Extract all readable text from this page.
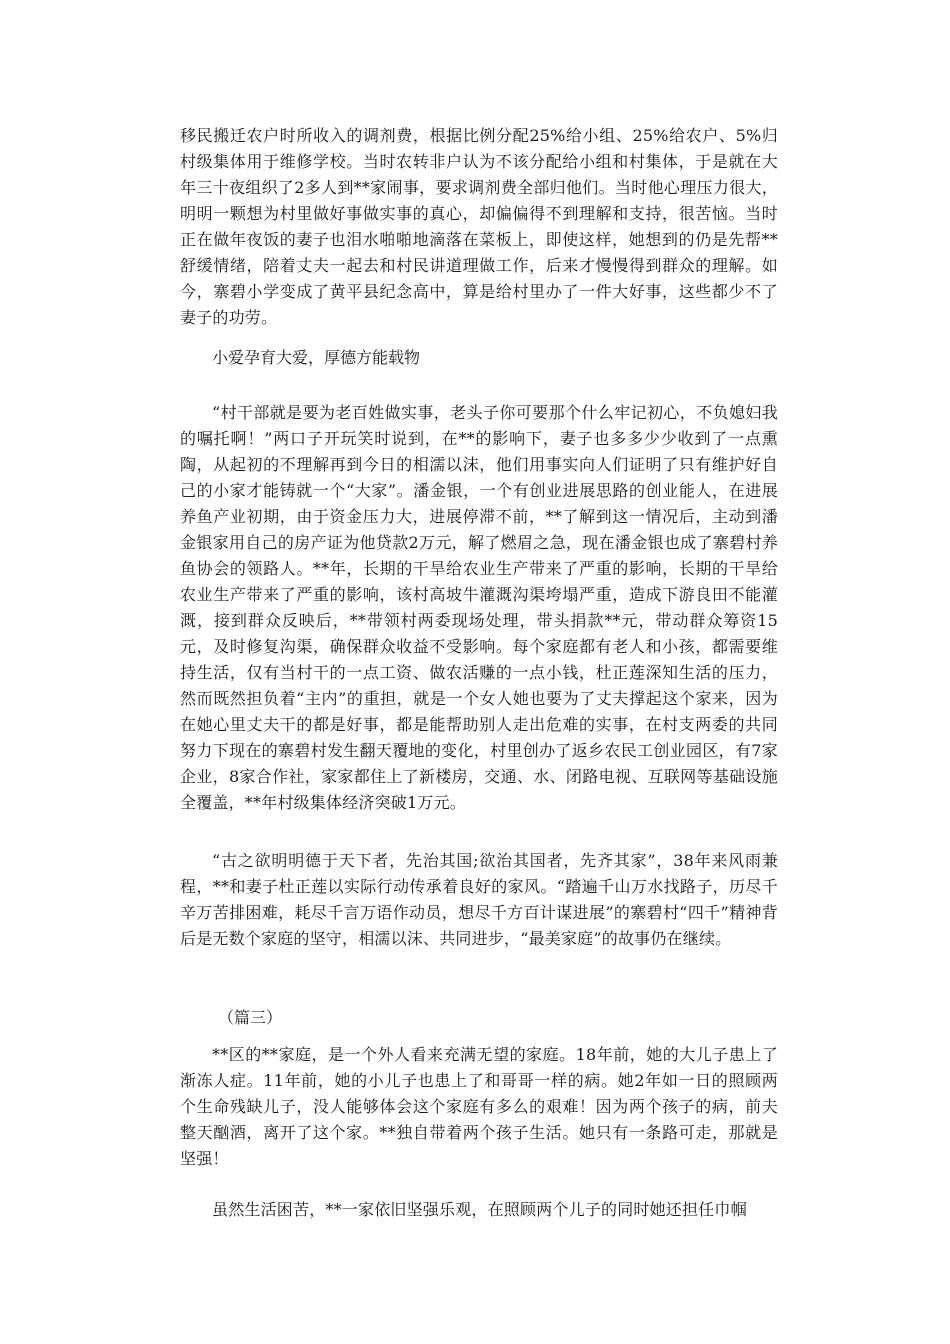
移民搬迁农户时所收入的调剂费，根据比例分配25%给小组、25%给农户、5%归村级集体用于维修学校。当时农转非户认为不该分配给小组和村集体，于是就在大年三十夜组织了2多人到**家闹事，要求调剂费全部归他们。当时他心理压力很大，明明一颗想为村里做好事做实事的真心，却偏偏得不到理解和支持，很苦恼。当时正在做年夜饭的妻子也泪水啪啪地滴落在菜板上，即使这样，她想到的仍是先帮**舒缓情绪，陪着丈夫一起去和村民讲道理做工作，后来才慢慢得到群众的理解。如今，寨碧小学变成了黄平县纪念高中，算是给村里办了一件大好事，这些都少不了妻子的功劳。

小爱孕育大爱，厚德方能载物

“村干部就是要为老百姓做实事，老头子你可要那个什么牢记初心，不负媳妇我的嘱托啊！”两口子开玩笑时说到，在**的影响下，妻子也多多少少收到了一点熏陶，从起初的不理解再到今日的相濡以沫，他们用事实向人们证明了只有维护好自己的小家才能铸就一个“大家”。潘金银，一个有创业进展思路的创业能人，在进展养鱼产业初期，由于资金压力大，进展停滞不前，**了解到这一情况后，主动到潘金银家用自己的房产证为他贷款2万元，解了燃眉之急，现在潘金银也成了寨碧村养鱼协会的领路人。**年，长期的干旱给农业生产带来了严重的影响，长期的干旱给农业生产带来了严重的影响，该村高坡牛灌溉沟渠垮塌严重，造成下游良田不能灌溉，接到群众反映后，**带领村两委现场处理，带头捐款**元，带动群众筹资15元，及时修复沟渠，确保群众收益不受影响。每个家庭都有老人和小孩，都需要维持生活，仅有当村干的一点工资、做农活赚的一点小钱，杜正莲深知生活的压力，然而既然担负着“主内”的重担，就是一个女人她也要为了丈夫撑起这个家来，因为在她心里丈夫干的都是好事，都是能帮助别人走出危难的实事，在村支两委的共同努力下现在的寨碧村发生翻天覆地的变化，村里创办了返乡农民工创业园区，有7家企业，8家合作社，家家都住上了新楼房，交通、水、闭路电视、互联网等基础设施全覆盖，**年村级集体经济突破1万元。

“古之欲明明德于天下者，先治其国;欲治其国者，先齐其家”，38年来风雨兼程，**和妻子杜正莲以实际行动传承着良好的家风。“踏遍千山万水找路子，历尽千辛万苦排困难，耗尽千言万语作动员，想尽千方百计谋进展”的寨碧村“四千”精神背后是无数个家庭的坚守，相濡以沫、共同进步，“最美家庭”的故事仍在继续。

（篇三）

**区的**家庭，是一个外人看来充满无望的家庭。18年前，她的大儿子患上了渐冻人症。11年前，她的小儿子也患上了和哥哥一样的病。她2年如一日的照顾两个生命残缺儿子，没人能够体会这个家庭有多么的艰难！因为两个孩子的病，前夫整天酗酒，离开了这个家。**独自带着两个孩子生活。她只有一条路可走，那就是坚强！

虽然生活困苦，**一家依旧坚强乐观，在照顾两个儿子的同时她还担任巾帼
